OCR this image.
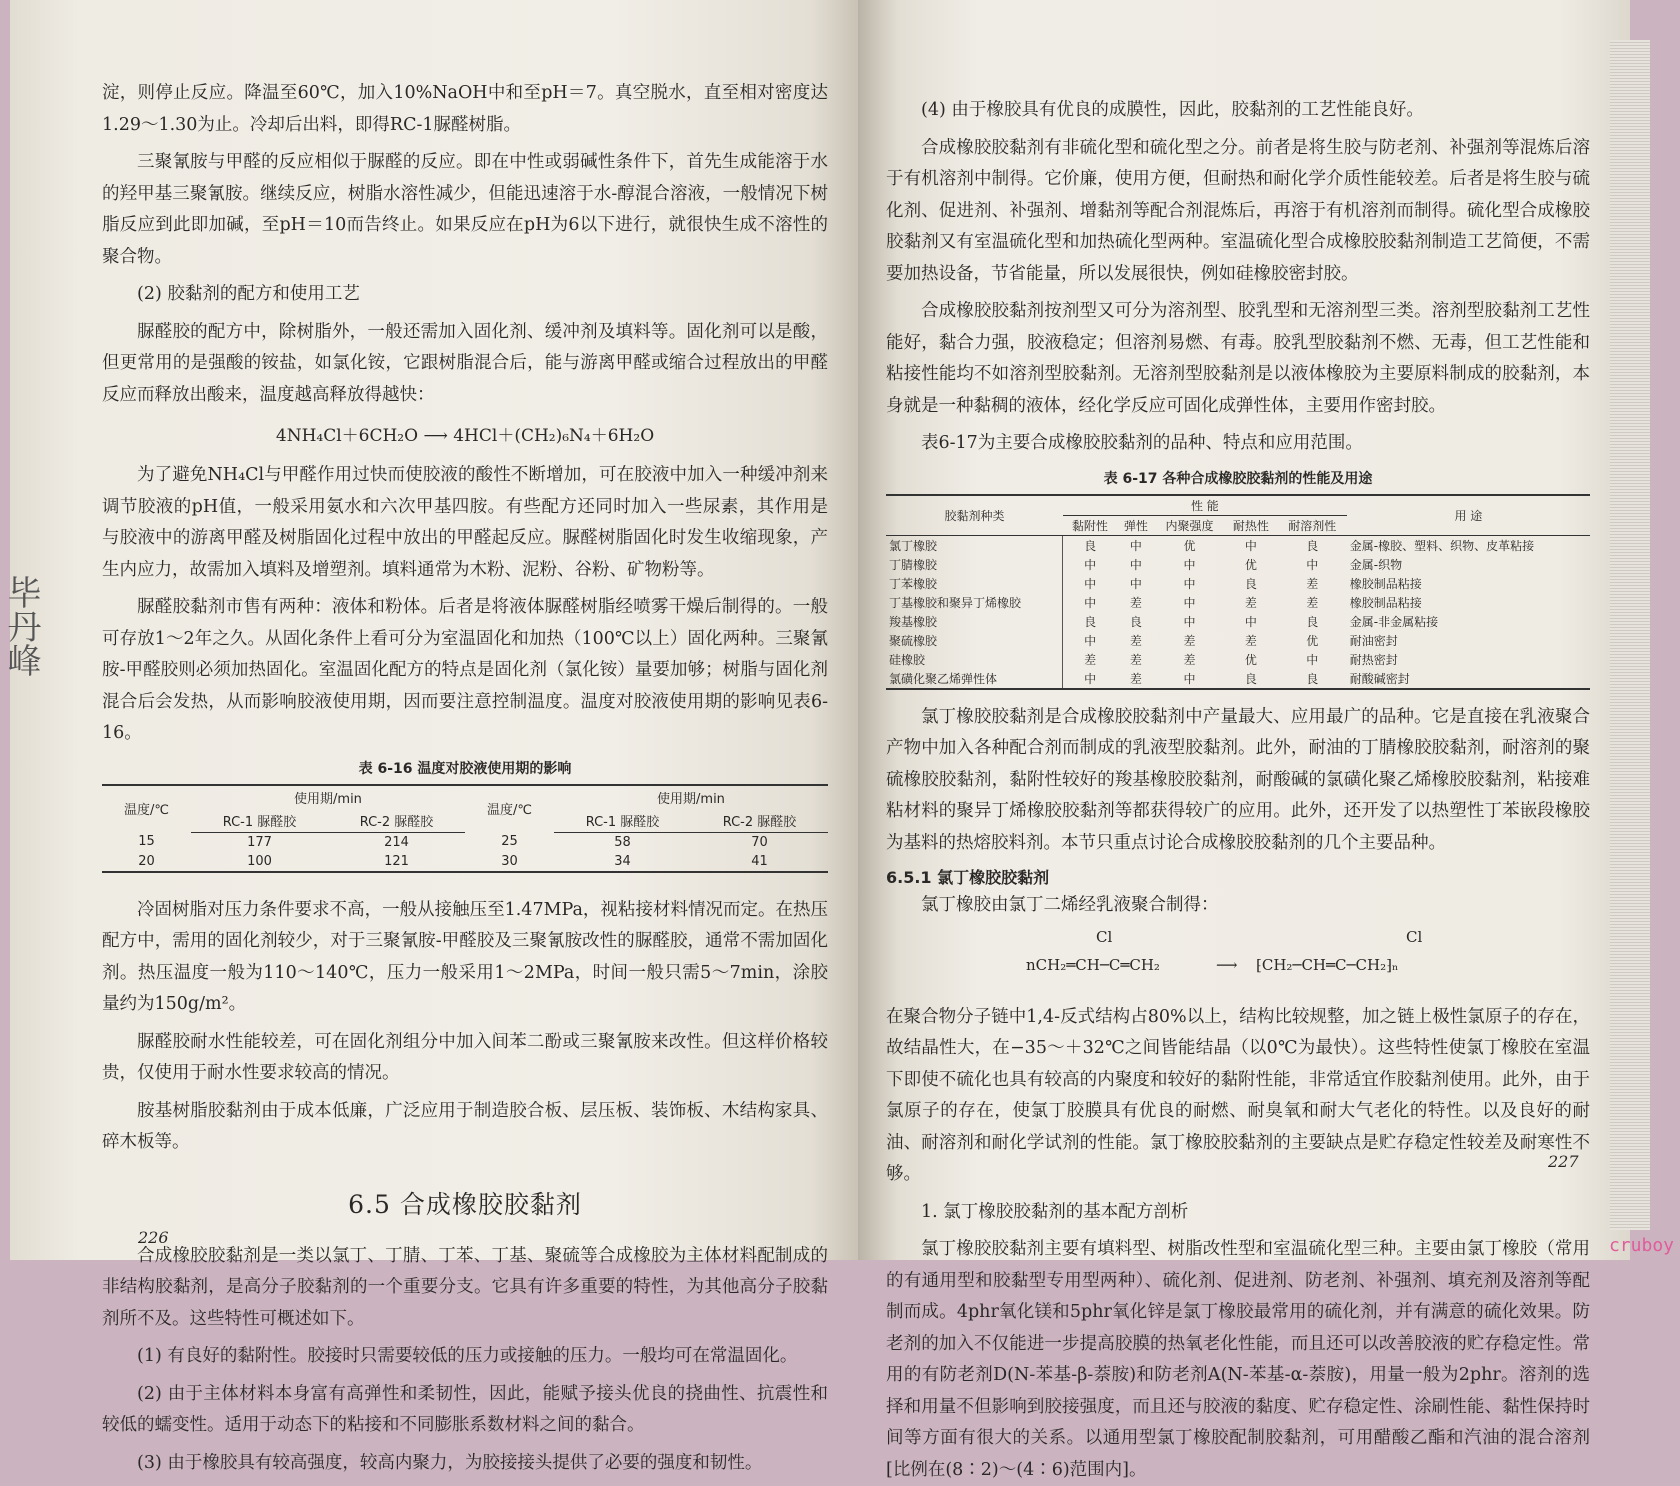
淀，则停止反应。降温至60℃，加入10%NaOH中和至pH＝7。真空脱水，直至相对密度达1.29～1.30为止。冷却后出料，即得RC-1脲醛树脂。

三聚氰胺与甲醛的反应相似于脲醛的反应。即在中性或弱碱性条件下，首先生成能溶于水的羟甲基三聚氰胺。继续反应，树脂水溶性减少，但能迅速溶于水-醇混合溶液，一般情况下树脂反应到此即加碱，至pH＝10而告终止。如果反应在pH为6以下进行，就很快生成不溶性的聚合物。

(2) 胶黏剂的配方和使用工艺

脲醛胶的配方中，除树脂外，一般还需加入固化剂、缓冲剂及填料等。固化剂可以是酸，但更常用的是强酸的铵盐，如氯化铵，它跟树脂混合后，能与游离甲醛或缩合过程放出的甲醛反应而释放出酸来，温度越高释放得越快：

4NH₄Cl＋6CH₂O ⟶ 4HCl＋(CH₂)₆N₄＋6H₂O

为了避免NH₄Cl与甲醛作用过快而使胶液的酸性不断增加，可在胶液中加入一种缓冲剂来调节胶液的pH值，一般采用氨水和六次甲基四胺。有些配方还同时加入一些尿素，其作用是与胶液中的游离甲醛及树脂固化过程中放出的甲醛起反应。脲醛树脂固化时发生收缩现象，产生内应力，故需加入填料及增塑剂。填料通常为木粉、泥粉、谷粉、矿物粉等。

脲醛胶黏剂市售有两种：液体和粉体。后者是将液体脲醛树脂经喷雾干燥后制得的。一般可存放1～2年之久。从固化条件上看可分为室温固化和加热（100℃以上）固化两种。三聚氰胺-甲醛胶则必须加热固化。室温固化配方的特点是固化剂（氯化铵）量要加够；树脂与固化剂混合后会发热，从而影响胶液使用期，因而要注意控制温度。温度对胶液使用期的影响见表6-16。

表 6-16 温度对胶液使用期的影响
温度/℃	使用期/min		温度/℃	使用期/min	
	RC-1 脲醛胶	RC-2 脲醛胶		RC-1 脲醛胶	RC-2 脲醛胶
15	177	214	25	58	70
20	100	121	30	34	41

冷固树脂对压力条件要求不高，一般从接触压至1.47MPa，视粘接材料情况而定。在热压配方中，需用的固化剂较少，对于三聚氰胺-甲醛胶及三聚氰胺改性的脲醛胶，通常不需加固化剂。热压温度一般为110～140℃，压力一般采用1～2MPa，时间一般只需5～7min，涂胶量约为150g/m²。

脲醛胶耐水性能较差，可在固化剂组分中加入间苯二酚或三聚氰胺来改性。但这样价格较贵，仅使用于耐水性要求较高的情况。

胺基树脂胶黏剂由于成本低廉，广泛应用于制造胶合板、层压板、装饰板、木结构家具、碎木板等。

6.5 合成橡胶胶黏剂

合成橡胶胶黏剂是一类以氯丁、丁腈、丁苯、丁基、聚硫等合成橡胶为主体材料配制成的非结构胶黏剂，是高分子胶黏剂的一个重要分支。它具有许多重要的特性，为其他高分子胶黏剂所不及。这些特性可概述如下。

(1) 有良好的黏附性。胶接时只需要较低的压力或接触的压力。一般均可在常温固化。

(2) 由于主体材料本身富有高弹性和柔韧性，因此，能赋予接头优良的挠曲性、抗震性和较低的蠕变性。适用于动态下的粘接和不同膨胀系数材料之间的黏合。

(3) 由于橡胶具有较高强度，较高内聚力，为胶接接头提供了必要的强度和韧性。

226
毕丹峰

(4) 由于橡胶具有优良的成膜性，因此，胶黏剂的工艺性能良好。

合成橡胶胶黏剂有非硫化型和硫化型之分。前者是将生胶与防老剂、补强剂等混炼后溶于有机溶剂中制得。它价廉，使用方便，但耐热和耐化学介质性能较差。后者是将生胶与硫化剂、促进剂、补强剂、增黏剂等配合剂混炼后，再溶于有机溶剂而制得。硫化型合成橡胶胶黏剂又有室温硫化型和加热硫化型两种。室温硫化型合成橡胶胶黏剂制造工艺简便，不需要加热设备，节省能量，所以发展很快，例如硅橡胶密封胶。

合成橡胶胶黏剂按剂型又可分为溶剂型、胶乳型和无溶剂型三类。溶剂型胶黏剂工艺性能好，黏合力强，胶液稳定；但溶剂易燃、有毒。胶乳型胶黏剂不燃、无毒，但工艺性能和粘接性能均不如溶剂型胶黏剂。无溶剂型胶黏剂是以液体橡胶为主要原料制成的胶黏剂，本身就是一种黏稠的液体，经化学反应可固化成弹性体，主要用作密封胶。

表6-17为主要合成橡胶胶黏剂的品种、特点和应用范围。

表 6-17 各种合成橡胶胶黏剂的性能及用途
胶黏剂种类	性 能					用 途
	黏附性	弹性	内聚强度	耐热性	耐溶剂性	
氯丁橡胶	良	中	优	中	良	金属-橡胶、塑料、织物、皮革粘接
丁腈橡胶	中	中	中	优	中	金属-织物
丁苯橡胶	中	中	中	良	差	橡胶制品粘接
丁基橡胶和聚异丁烯橡胶	中	差	中	差	差	橡胶制品粘接
羧基橡胶	良	良	中	中	良	金属-非金属粘接
聚硫橡胶	中	差	差	差	优	耐油密封
硅橡胶	差	差	差	优	中	耐热密封
氯磺化聚乙烯弹性体	中	差	中	良	良	耐酸碱密封

氯丁橡胶胶黏剂是合成橡胶胶黏剂中产量最大、应用最广的品种。它是直接在乳液聚合产物中加入各种配合剂而制成的乳液型胶黏剂。此外，耐油的丁腈橡胶胶黏剂，耐溶剂的聚硫橡胶胶黏剂，黏附性较好的羧基橡胶胶黏剂，耐酸碱的氯磺化聚乙烯橡胶胶黏剂，粘接难粘材料的聚异丁烯橡胶胶黏剂等都获得较广的应用。此外，还开发了以热塑性丁苯嵌段橡胶为基料的热熔胶料剂。本节只重点讨论合成橡胶胶黏剂的几个主要品种。

6.5.1 氯丁橡胶胶黏剂

氯丁橡胶由氯丁二烯经乳液聚合制得：

Cl	Cl
nCH₂═CH─C═CH₂	⟶ ⁅CH₂─CH═C─CH₂⁆ₙ

在聚合物分子链中1,4-反式结构占80%以上，结构比较规整，加之链上极性氯原子的存在，故结晶性大，在−35～＋32℃之间皆能结晶（以0℃为最快）。这些特性使氯丁橡胶在室温下即使不硫化也具有较高的内聚度和较好的黏附性能，非常适宜作胶黏剂使用。此外，由于氯原子的存在，使氯丁胶膜具有优良的耐燃、耐臭氧和耐大气老化的特性。以及良好的耐油、耐溶剂和耐化学试剂的性能。氯丁橡胶胶黏剂的主要缺点是贮存稳定性较差及耐寒性不够。

1. 氯丁橡胶胶黏剂的基本配方剖析

氯丁橡胶胶黏剂主要有填料型、树脂改性型和室温硫化型三种。主要由氯丁橡胶（常用的有通用型和胶黏型专用型两种）、硫化剂、促进剂、防老剂、补强剂、填充剂及溶剂等配制而成。4phr氧化镁和5phr氧化锌是氯丁橡胶最常用的硫化剂，并有满意的硫化效果。防老剂的加入不仅能进一步提高胶膜的热氧老化性能，而且还可以改善胶液的贮存稳定性。常用的有防老剂D(N-苯基-β-萘胺)和防老剂A(N-苯基-α-萘胺)，用量一般为2phr。溶剂的选择和用量不但影响到胶接强度，而且还与胶液的黏度、贮存稳定性、涂刷性能、黏性保持时间等方面有很大的关系。以通用型氯丁橡胶配制胶黏剂，可用醋酸乙酯和汽油的混合溶剂[比例在(8∶2)～(4∶6)范围内]。

227
cruboy
